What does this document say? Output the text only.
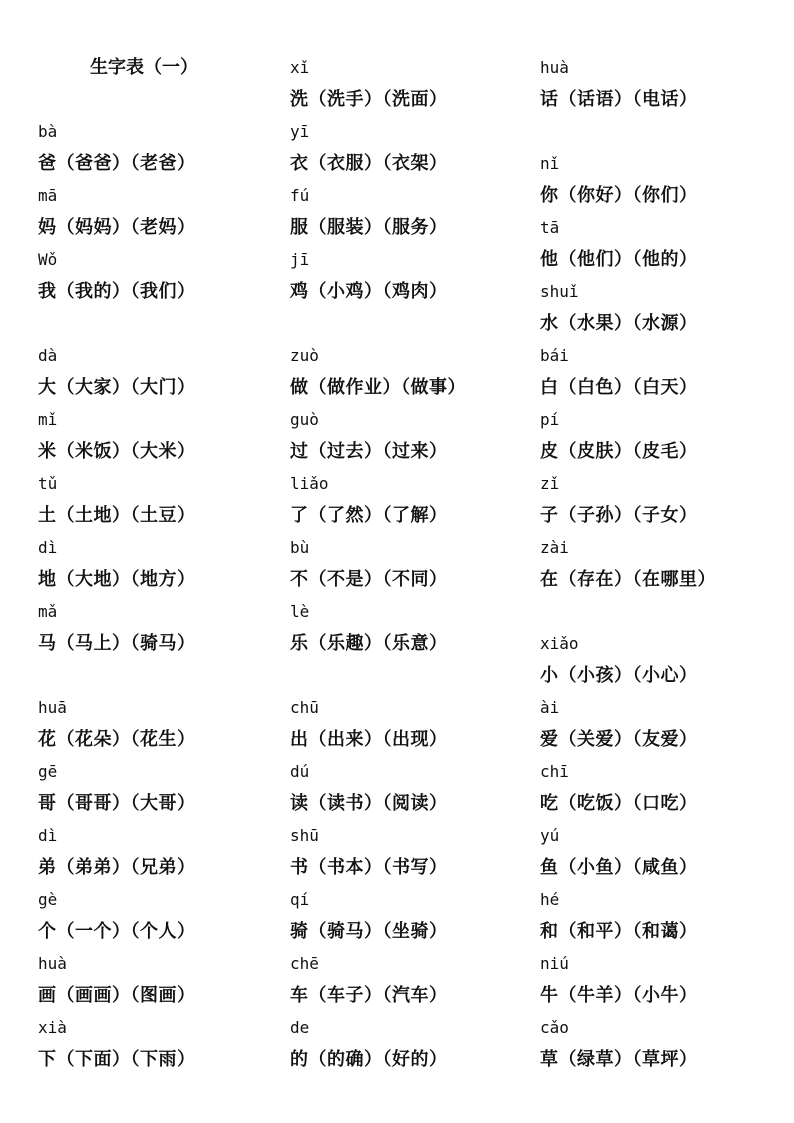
生字表（一）
bà
爸（爸爸）（老爸）
mā
妈（妈妈）（老妈）
Wǒ
我（我的）（我们）
dà
大（大家）（大门）
mǐ
米（米饭）（大米）
tǔ
土（土地）（土豆）
dì
地（大地）（地方）
mǎ
马（马上）（骑马）
huā
花（花朵）（花生）
gē
哥（哥哥）（大哥）
dì
弟（弟弟）（兄弟）
gè
个（一个）（个人）
huà
画（画画）（图画）
xià
下（下面）（下雨）
xǐ
洗（洗手）（洗面）
yī
衣（衣服）（衣架）
fú
服（服装）（服务）
jī
鸡（小鸡）（鸡肉）
zuò
做（做作业）（做事）
guò
过（过去）（过来）
liǎo
了（了然）（了解）
bù
不（不是）（不同）
lè
乐（乐趣）（乐意）
chū
出（出来）（出现）
dú
读（读书）（阅读）
shū
书（书本）（书写）
qí
骑（骑马）（坐骑）
chē
车（车子）（汽车）
de
的（的确）（好的）
huà
话（话语）（电话）
nǐ
你（你好）（你们）
tā
他（他们）（他的）
shuǐ
水（水果）（水源）
bái
白（白色）（白天）
pí
皮（皮肤）（皮毛）
zǐ
子（子孙）（子女）
zài
在（存在）（在哪里）
xiǎo
小（小孩）（小心）
ài
爱（关爱）（友爱）
chī
吃（吃饭）（口吃）
yú
鱼（小鱼）（咸鱼）
hé
和（和平）（和蔼）
niú
牛（牛羊）（小牛）
cǎo
草（绿草）（草坪）
